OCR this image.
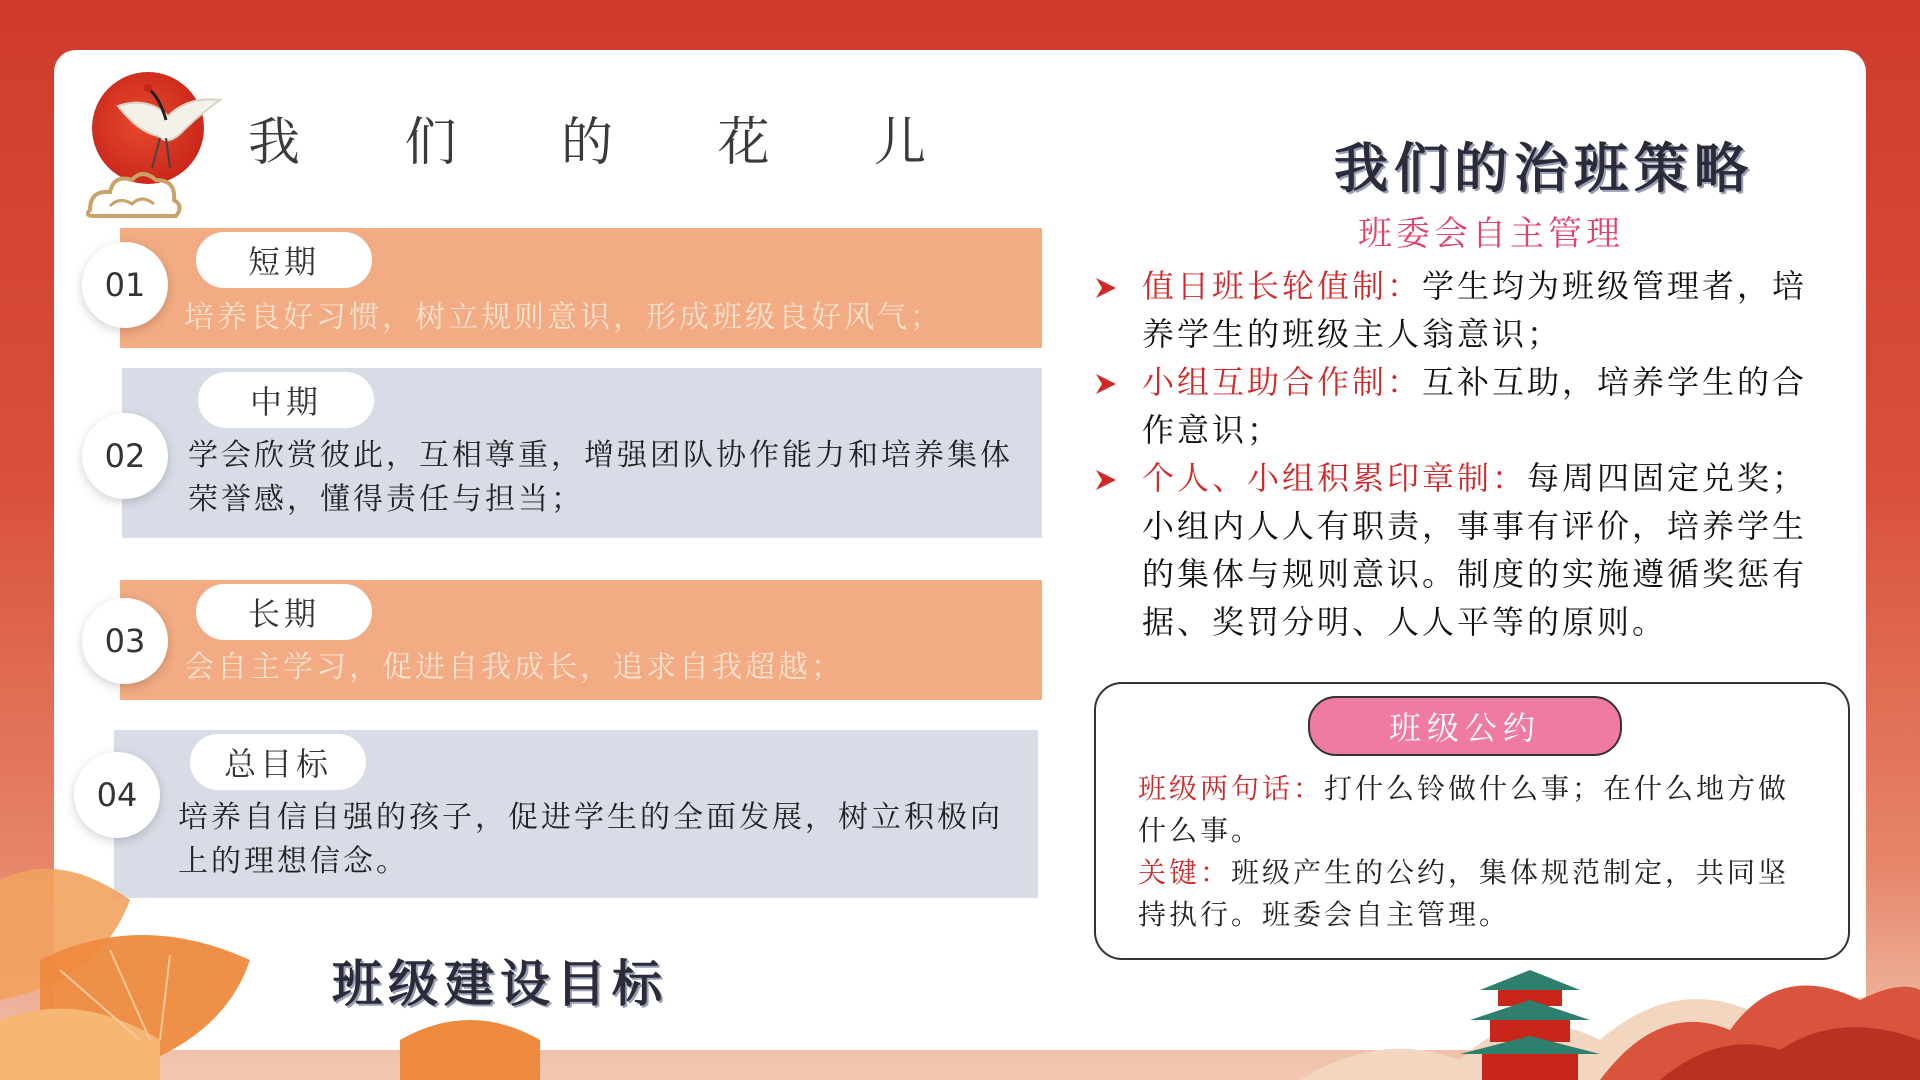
我 们 的 花 儿
01
短期
培养良好习惯，树立规则意识，形成班级良好风气；
02
中期
学会欣赏彼此，互相尊重，增强团队协作能力和培养集体荣誉感，懂得责任与担当；
03
长期
会自主学习，促进自我成长，追求自我超越；
04
总目标
培养自信自强的孩子，促进学生的全面发展，树立积极向上的理想信念。
班级建设目标
我们的治班策略
班委会自主管理
值日班长轮值制：学生均为班级管理者，培养学生的班级主人翁意识；
小组互助合作制：互补互助，培养学生的合作意识；
个人、小组积累印章制：每周四固定兑奖；小组内人人有职责，事事有评价，培养学生的集体与规则意识。制度的实施遵循奖惩有据、奖罚分明、人人平等的原则。
班级公约
班级两句话：打什么铃做什么事；在什么地方做什么事。
关键：班级产生的公约，集体规范制定，共同坚持执行。班委会自主管理。
